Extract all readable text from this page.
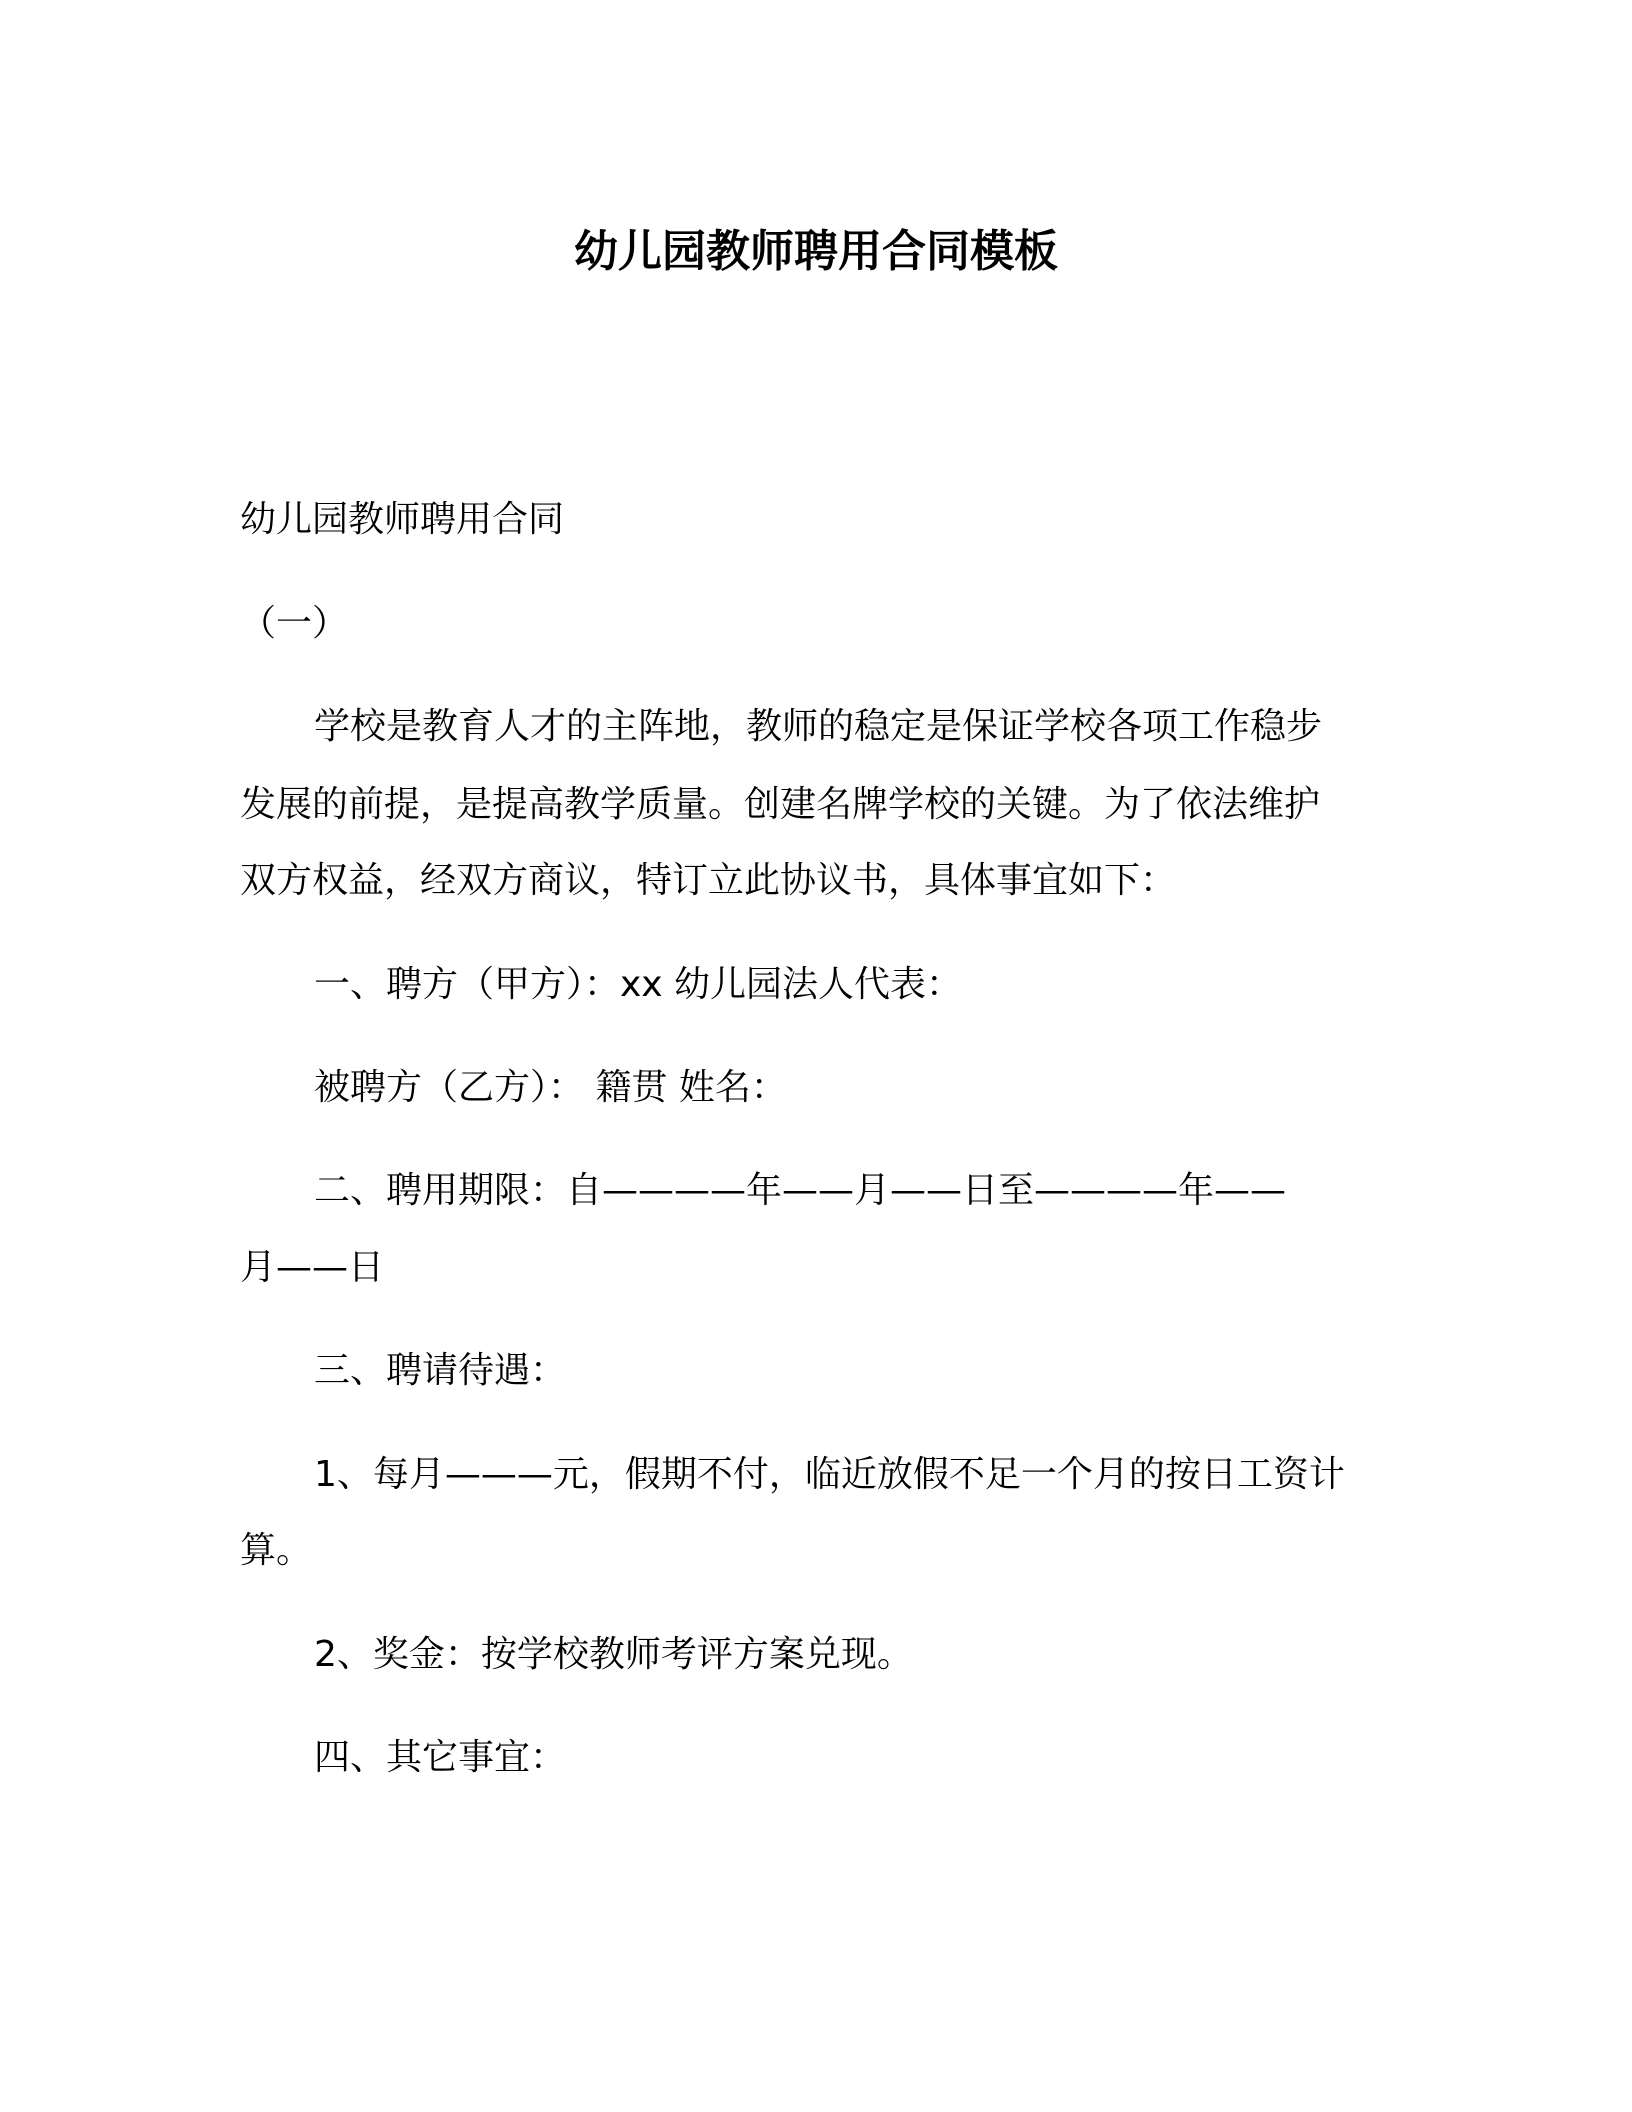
幼儿园教师聘用合同模板
幼儿园教师聘用合同
（一）
学校是教育人才的主阵地，教师的稳定是保证学校各项工作稳步
发展的前提，是提高教学质量。创建名牌学校的关键。为了依法维护
双方权益，经双方商议，特订立此协议书，具体事宜如下：
一、聘方（甲方）：xx 幼儿园法人代表：
被聘方（乙方）： 籍贯 姓名：
二、聘用期限：自————年——月——日至————年——
月——日
三、聘请待遇：
1、每月———元，假期不付，临近放假不足一个月的按日工资计
算。
2、奖金：按学校教师考评方案兑现。
四、其它事宜：
